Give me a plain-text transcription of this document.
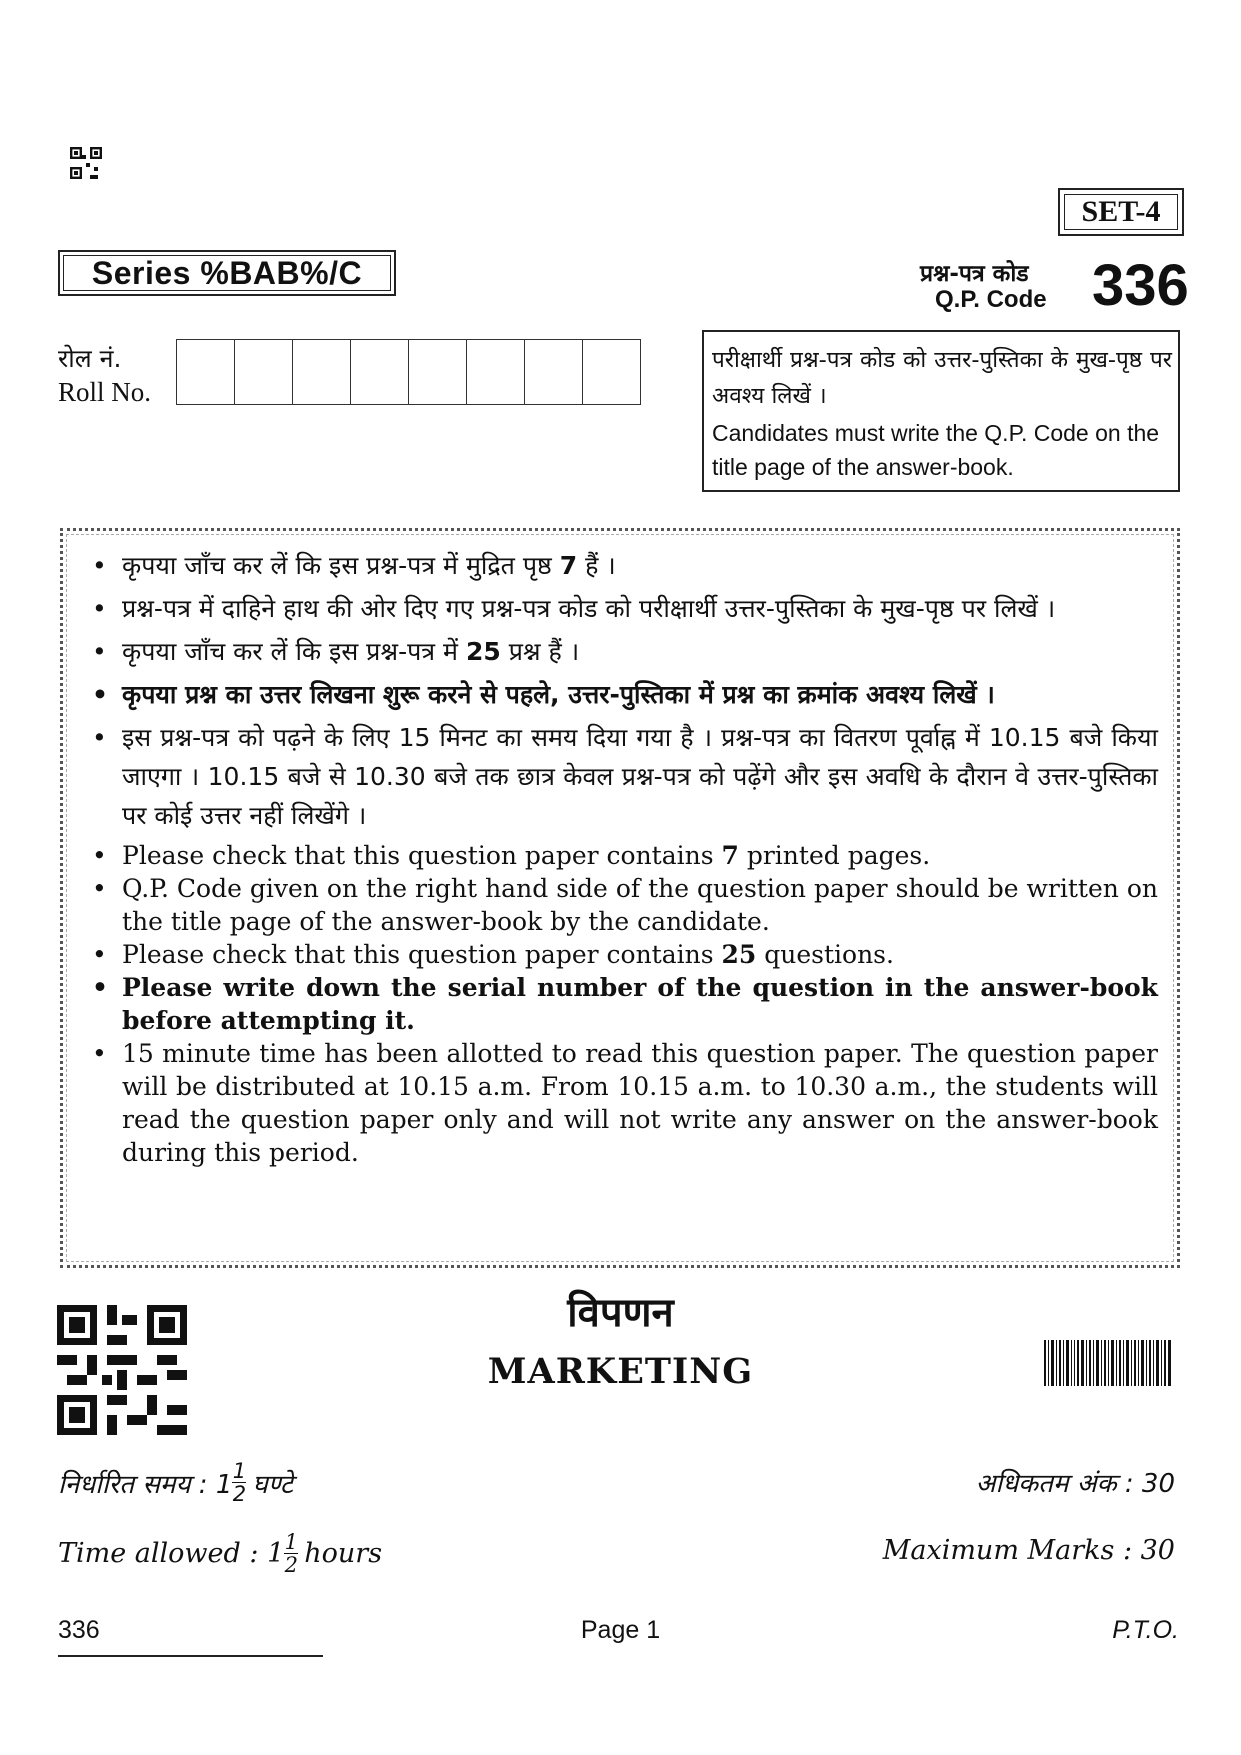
SET-4
Series %BAB%/C	प्रश्न-पत्र कोड
Q.P. Code 336
रोल नं.
Roll No.
परीक्षार्थी प्रश्न-पत्र कोड को उत्तर-पुस्तिका के मुख-पृष्ठ पर अवश्य लिखें ।
Candidates must write the Q.P. Code on the title page of the answer-book.
• कृपया जाँच कर लें कि इस प्रश्न-पत्र में मुद्रित पृष्ठ 7 हैं ।
• प्रश्न-पत्र में दाहिने हाथ की ओर दिए गए प्रश्न-पत्र कोड को परीक्षार्थी उत्तर-पुस्तिका के मुख-पृष्ठ पर लिखें ।
• कृपया जाँच कर लें कि इस प्रश्न-पत्र में 25 प्रश्न हैं ।
• कृपया प्रश्न का उत्तर लिखना शुरू करने से पहले, उत्तर-पुस्तिका में प्रश्न का क्रमांक अवश्य लिखें ।
• इस प्रश्न-पत्र को पढ़ने के लिए 15 मिनट का समय दिया गया है । प्रश्न-पत्र का वितरण पूर्वाह्न में 10.15 बजे किया जाएगा । 10.15 बजे से 10.30 बजे तक छात्र केवल प्रश्न-पत्र को पढ़ेंगे और इस अवधि के दौरान वे उत्तर-पुस्तिका पर कोई उत्तर नहीं लिखेंगे ।
• Please check that this question paper contains 7 printed pages.
• Q.P. Code given on the right hand side of the question paper should be written on the title page of the answer-book by the candidate.
• Please check that this question paper contains 25 questions.
• Please write down the serial number of the question in the answer-book before attempting it.
• 15 minute time has been allotted to read this question paper. The question paper will be distributed at 10.15 a.m. From 10.15 a.m. to 10.30 a.m., the students will read the question paper only and will not write any answer on the answer-book during this period.
विपणन
MARKETING
निर्धारित समय : $1 \frac{1}{2}$ घण्टे
Time allowed : $1 \frac{1}{2}$ hours
अधिकतम अंक : 30
Maximum Marks : 30
336	Page 1	P.T.O.
